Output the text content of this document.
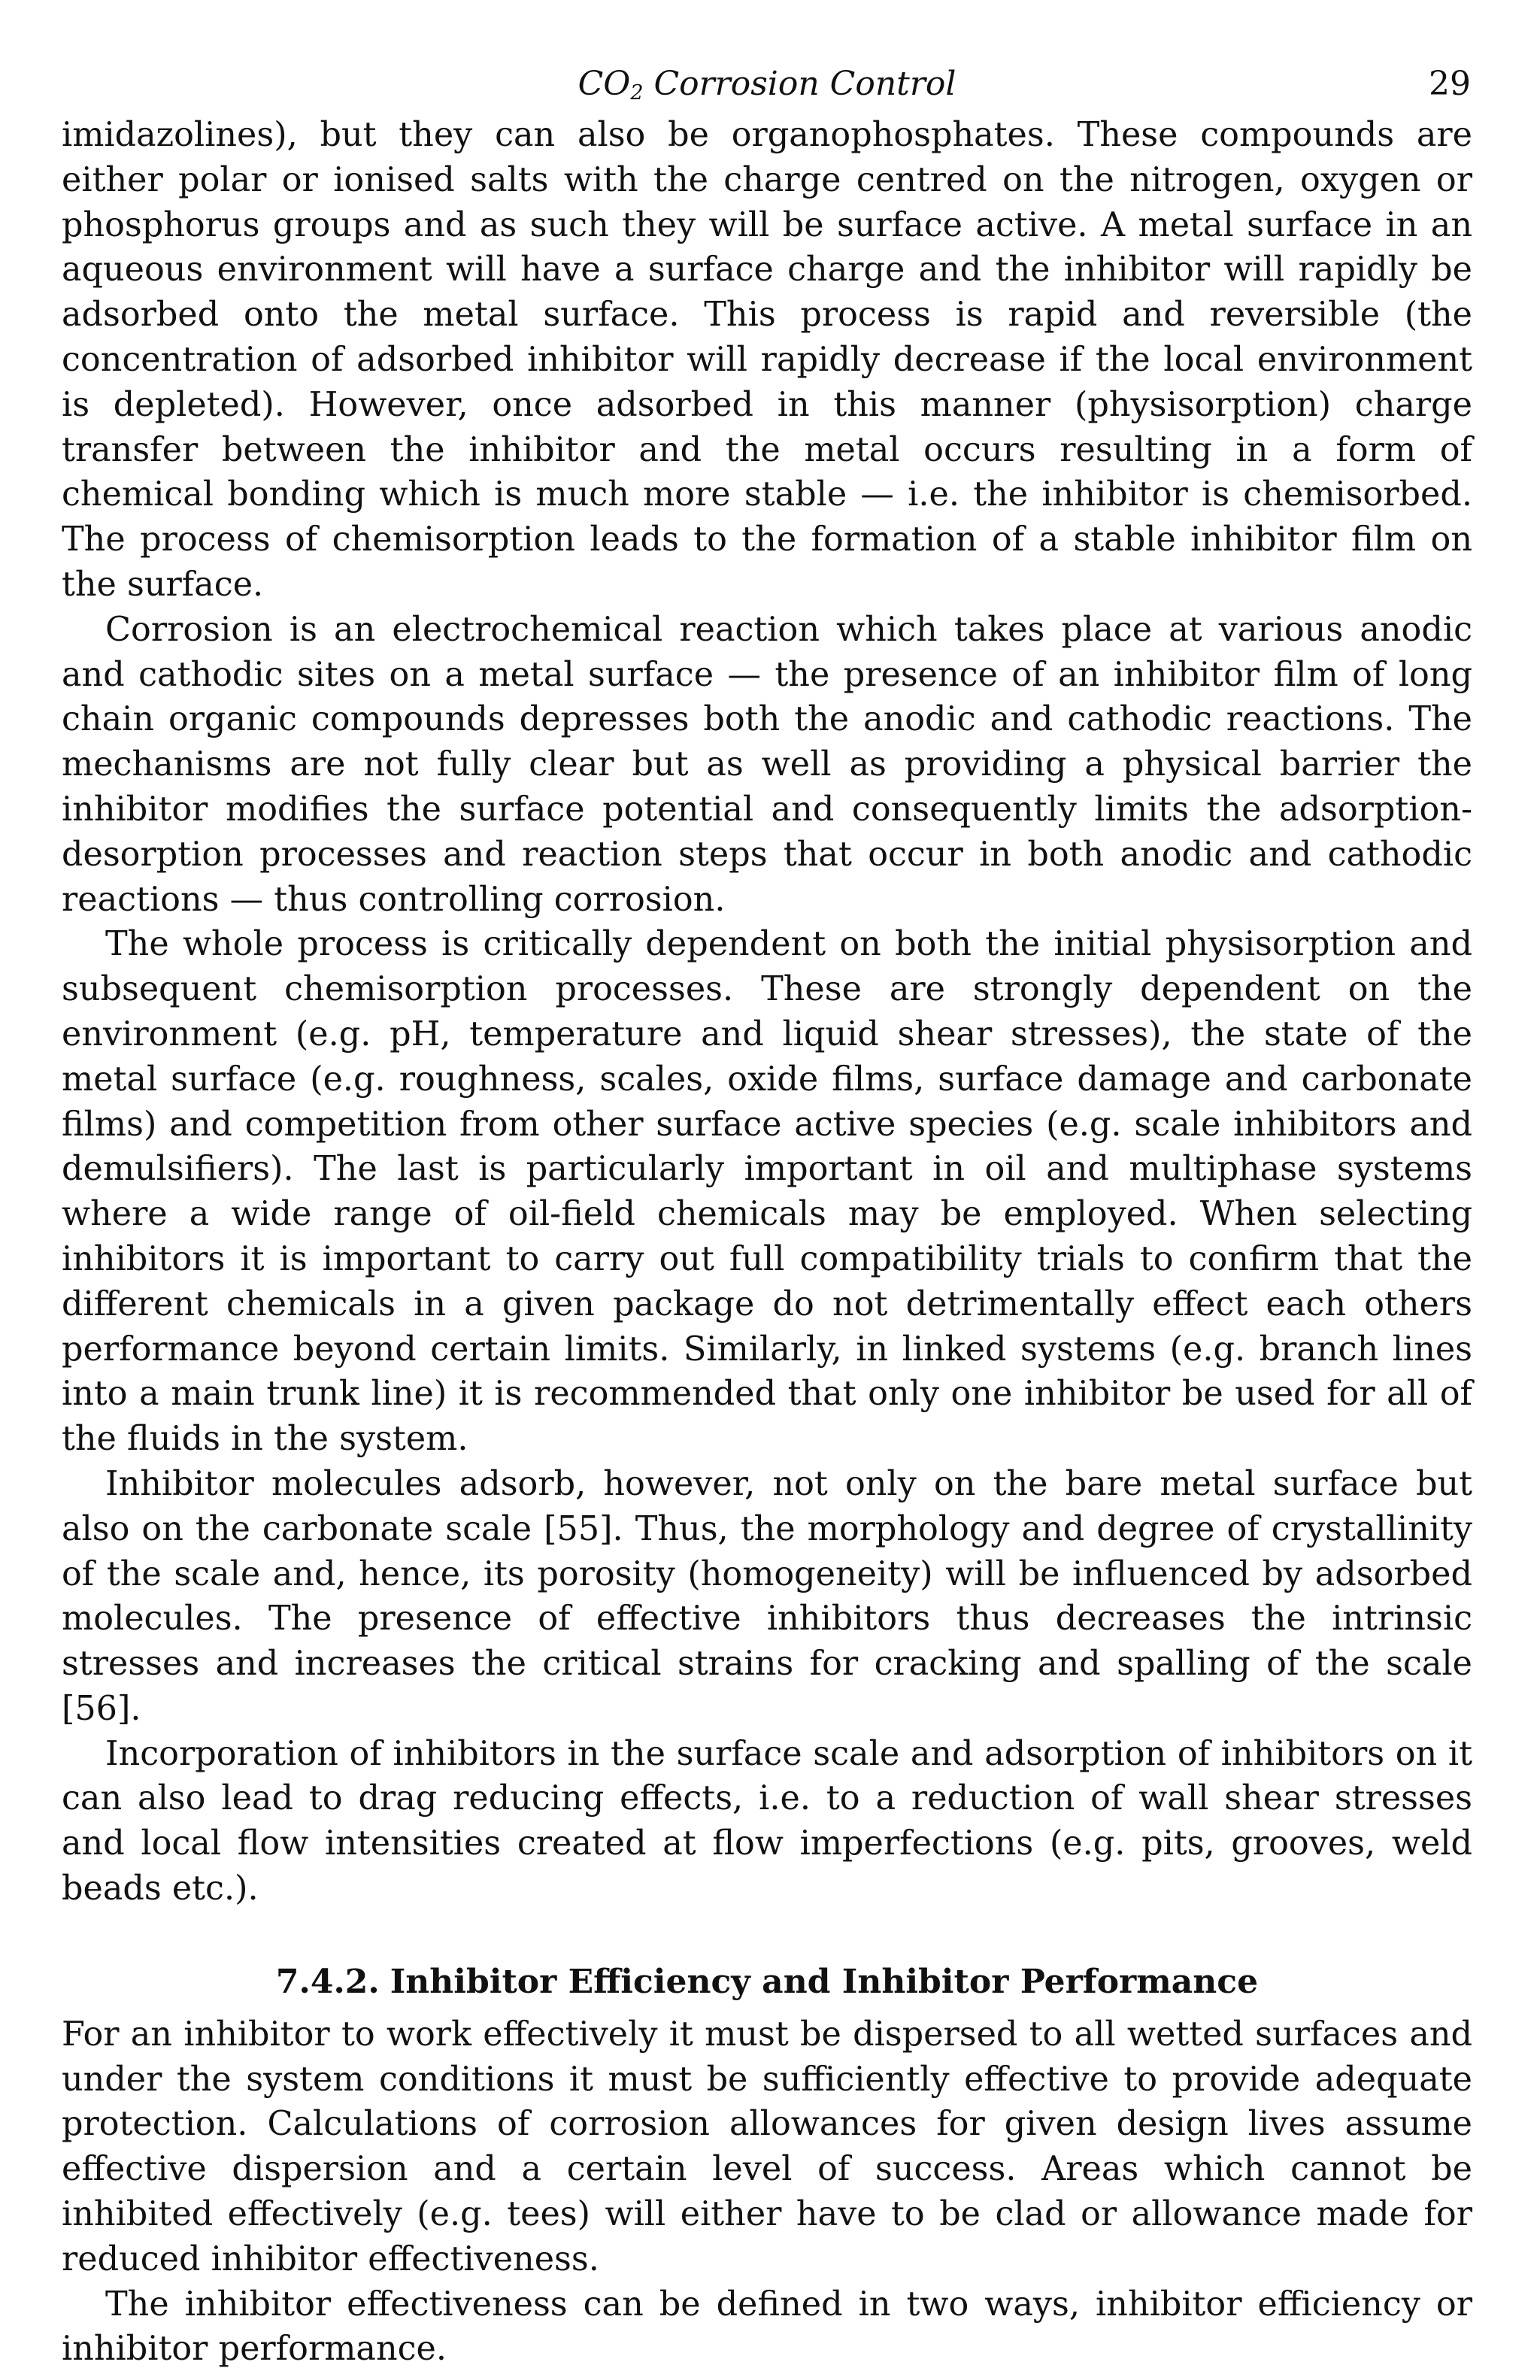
$CO_2$ Corrosion Control	29

imidazolines), but they can also be organophosphates. These compounds are either polar or ionised salts with the charge centred on the nitrogen, oxygen or phosphorus groups and as such they will be surface active. A metal surface in an aqueous environment will have a surface charge and the inhibitor will rapidly be adsorbed onto the metal surface. This process is rapid and reversible (the concentration of adsorbed inhibitor will rapidly decrease if the local environment is depleted). However, once adsorbed in this manner (physisorption) charge transfer between the inhibitor and the metal occurs resulting in a form of chemical bonding which is much more stable — i.e. the inhibitor is chemisorbed. The process of chemisorption leads to the formation of a stable inhibitor film on the surface.

Corrosion is an electrochemical reaction which takes place at various anodic and cathodic sites on a metal surface — the presence of an inhibitor film of long chain organic compounds depresses both the anodic and cathodic reactions. The mechanisms are not fully clear but as well as providing a physical barrier the inhibitor modifies the surface potential and consequently limits the adsorption-desorption processes and reaction steps that occur in both anodic and cathodic reactions — thus controlling corrosion.

The whole process is critically dependent on both the initial physisorption and subsequent chemisorption processes. These are strongly dependent on the environment (e.g. pH, temperature and liquid shear stresses), the state of the metal surface (e.g. roughness, scales, oxide films, surface damage and carbonate films) and competition from other surface active species (e.g. scale inhibitors and demulsifiers). The last is particularly important in oil and multiphase systems where a wide range of oil-field chemicals may be employed. When selecting inhibitors it is important to carry out full compatibility trials to confirm that the different chemicals in a given package do not detrimentally effect each others performance beyond certain limits. Similarly, in linked systems (e.g. branch lines into a main trunk line) it is recommended that only one inhibitor be used for all of the fluids in the system.

Inhibitor molecules adsorb, however, not only on the bare metal surface but also on the carbonate scale [55]. Thus, the morphology and degree of crystallinity of the scale and, hence, its porosity (homogeneity) will be influenced by adsorbed molecules. The presence of effective inhibitors thus decreases the intrinsic stresses and increases the critical strains for cracking and spalling of the scale [56].

Incorporation of inhibitors in the surface scale and adsorption of inhibitors on it can also lead to drag reducing effects, i.e. to a reduction of wall shear stresses and local flow intensities created at flow imperfections (e.g. pits, grooves, weld beads etc.).

7.4.2. Inhibitor Efficiency and Inhibitor Performance

For an inhibitor to work effectively it must be dispersed to all wetted surfaces and under the system conditions it must be sufficiently effective to provide adequate protection. Calculations of corrosion allowances for given design lives assume effective dispersion and a certain level of success. Areas which cannot be inhibited effectively (e.g. tees) will either have to be clad or allowance made for reduced inhibitor effectiveness.

The inhibitor effectiveness can be defined in two ways, inhibitor efficiency or inhibitor performance.
